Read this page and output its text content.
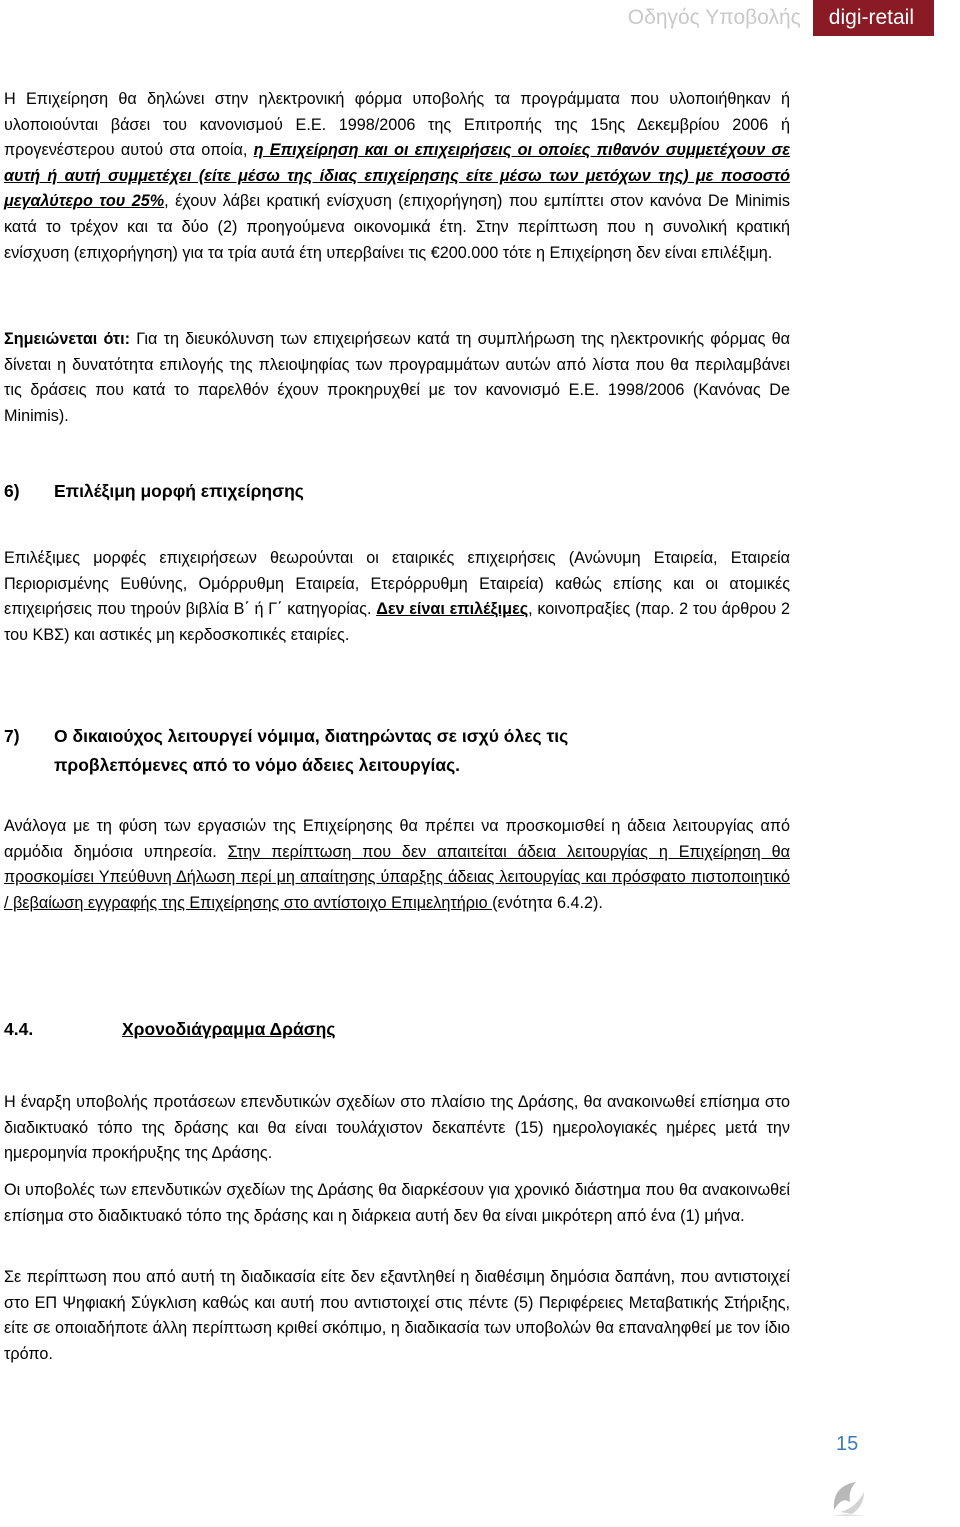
Οδηγός Υποβολής	digi-retail

Η Επιχείρηση θα δηλώνει στην ηλεκτρονική φόρμα υποβολής τα προγράμματα που υλοποιήθηκαν ή υλοποιούνται βάσει του κανονισμού Ε.Ε. 1998/2006 της Επιτροπής της 15ης Δεκεμβρίου 2006 ή προγενέστερου αυτού στα οποία, η Επιχείρηση και οι επιχειρήσεις οι οποίες πιθανόν συμμετέχουν σε αυτή ή αυτή συμμετέχει (είτε μέσω της ίδιας επιχείρησης είτε μέσω των μετόχων της) με ποσοστό μεγαλύτερο του 25%, έχουν λάβει κρατική ενίσχυση (επιχορήγηση) που εμπίπτει στον κανόνα De Minimis κατά το τρέχον και τα δύο (2) προηγούμενα οικονομικά έτη. Στην περίπτωση που η συνολική κρατική ενίσχυση (επιχορήγηση) για τα τρία αυτά έτη υπερβαίνει τις €200.000 τότε η Επιχείρηση δεν είναι επιλέξιμη.

Σημειώνεται ότι: Για τη διευκόλυνση των επιχειρήσεων κατά τη συμπλήρωση της ηλεκτρονικής φόρμας θα δίνεται η δυνατότητα επιλογής της πλειοψηφίας των προγραμμάτων αυτών από λίστα που θα περιλαμβάνει τις δράσεις που κατά το παρελθόν έχουν προκηρυχθεί με τον κανονισμό Ε.Ε. 1998/2006 (Κανόνας De Minimis).

6) Επιλέξιμη μορφή επιχείρησης

Επιλέξιμες μορφές επιχειρήσεων θεωρούνται οι εταιρικές επιχειρήσεις (Ανώνυμη Εταιρεία, Εταιρεία Περιορισμένης Ευθύνης, Ομόρρυθμη Εταιρεία, Ετερόρρυθμη Εταιρεία) καθώς επίσης και οι ατομικές επιχειρήσεις που τηρούν βιβλία Β΄ ή Γ΄ κατηγορίας. Δεν είναι επιλέξιμες, κοινοπραξίες (παρ. 2 του άρθρου 2 του ΚΒΣ) και αστικές μη κερδοσκοπικές εταιρίες.

7) Ο δικαιούχος λειτουργεί νόμιμα, διατηρώντας σε ισχύ όλες τις
προβλεπόμενες από το νόμο άδειες λειτουργίας.

Ανάλογα με τη φύση των εργασιών της Επιχείρησης θα πρέπει να προσκομισθεί η άδεια λειτουργίας από αρμόδια δημόσια υπηρεσία. Στην περίπτωση που δεν απαιτείται άδεια λειτουργίας η Επιχείρηση θα προσκομίσει Υπεύθυνη Δήλωση περί μη απαίτησης ύπαρξης άδειας λειτουργίας και πρόσφατο πιστοποιητικό / βεβαίωση εγγραφής της Επιχείρησης στο αντίστοιχο Επιμελητήριο (ενότητα 6.4.2).

4.4.	Χρονοδιάγραμμα Δράσης

Η έναρξη υποβολής προτάσεων επενδυτικών σχεδίων στο πλαίσιο της Δράσης, θα ανακοινωθεί επίσημα στο διαδικτυακό τόπο της δράσης και θα είναι τουλάχιστον δεκαπέντε (15) ημερολογιακές ημέρες μετά την ημερομηνία προκήρυξης της Δράσης.

Οι υποβολές των επενδυτικών σχεδίων της Δράσης θα διαρκέσουν για χρονικό διάστημα που θα ανακοινωθεί επίσημα στο διαδικτυακό τόπο της δράσης και η διάρκεια αυτή δεν θα είναι μικρότερη από ένα (1) μήνα.

Σε περίπτωση που από αυτή τη διαδικασία είτε δεν εξαντληθεί η διαθέσιμη δημόσια δαπάνη, που αντιστοιχεί στο ΕΠ Ψηφιακή Σύγκλιση καθώς και αυτή που αντιστοιχεί στις πέντε (5) Περιφέρειες Μεταβατικής Στήριξης, είτε σε οποιαδήποτε άλλη περίπτωση κριθεί σκόπιμο, η διαδικασία των υποβολών θα επαναληφθεί με τον ίδιο τρόπο.

15
